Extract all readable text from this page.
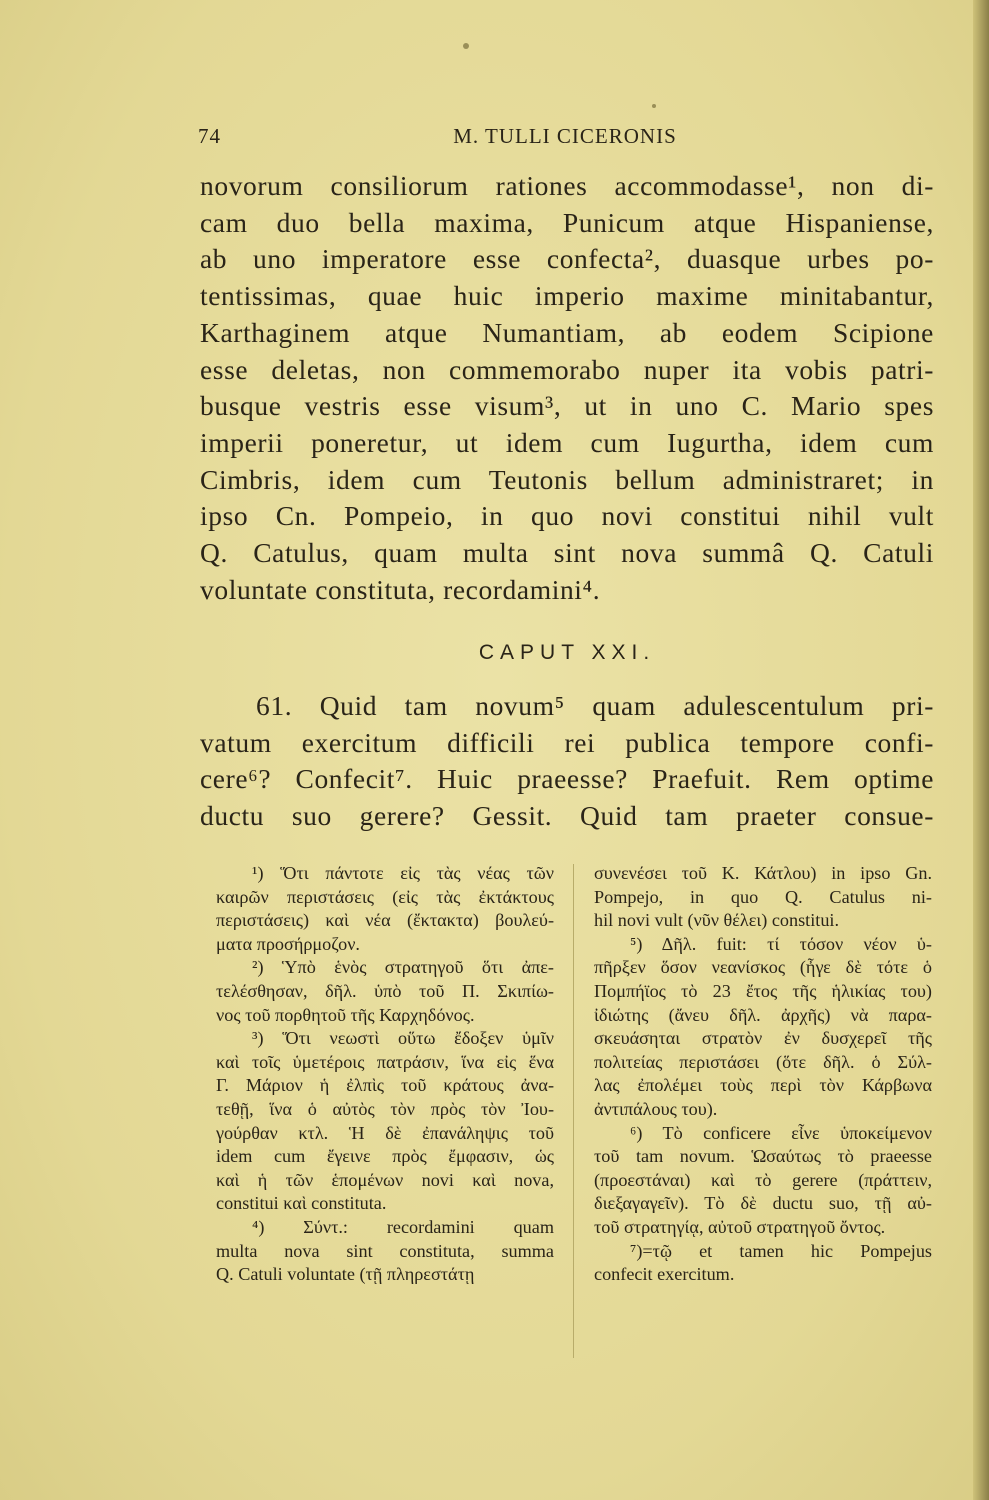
74	M. TULLI CICERONIS
novorum consiliorum rationes accommodasse¹, non di-
cam duo bella maxima, Punicum atque Hispaniense,
ab uno imperatore esse confecta², duasque urbes po-
tentissimas, quae huic imperio maxime minitabantur,
Karthaginem atque Numantiam, ab eodem Scipione
esse deletas, non commemorabo nuper ita vobis patri-
busque vestris esse visum³, ut in uno C. Mario spes
imperii poneretur, ut idem cum Iugurtha, idem cum
Cimbris, idem cum Teutonis bellum administraret; in
ipso Cn. Pompeio, in quo novi constitui nihil vult
Q. Catulus, quam multa sint nova summâ Q. Catuli
voluntate constituta, recordamini⁴.
CAPUT XXI.
61. Quid tam novum⁵ quam adulescentulum pri-
vatum exercitum difficili rei publica tempore confi-
cere⁶? Confecit⁷. Huic praeesse? Praefuit. Rem optime
ductu suo gerere? Gessit. Quid tam praeter consue-
¹) Ὅτι πάντοτε εἰς τὰς νέας τῶν
καιρῶν περιστάσεις (εἰς τὰς ἐκτάκτους
περιστάσεις) καὶ νέα (ἔκτακτα) βουλεύ-
ματα προσήρμοζον.
²) Ὑπὸ ἑνὸς στρατηγοῦ ὅτι ἀπε-
τελέσθησαν, δῆλ. ὑπὸ τοῦ Π. Σκιπίω-
νος τοῦ πορθητοῦ τῆς Καρχηδόνος.
³) Ὅτι νεωστὶ οὕτω ἔδοξεν ὑμῖν
καὶ τοῖς ὑμετέροις πατράσιν, ἵνα εἰς ἕνα
Γ. Μάριον ἡ ἐλπὶς τοῦ κράτους ἀνα-
τεθῇ, ἵνα ὁ αὐτὸς τὸν πρὸς τὸν Ἰου-
γούρθαν κτλ. Ἡ δὲ ἐπανάληψις τοῦ
idem cum ἔγεινε πρὸς ἔμφασιν, ὡς
καὶ ἡ τῶν ἑπομένων novi καὶ nova,
constitui καὶ constituta.
⁴) Σύντ.: recordamini quam
multa nova sint constituta, summa
Q. Catuli voluntate (τῇ πληρεστάτῃ
συνενέσει τοῦ Κ. Κάτλου) in ipso Gn.
Pompejo, in quo Q. Catulus ni-
hil novi vult (νῦν θέλει) constitui.
⁵) Δῆλ. fuit: τί τόσον νέον ὑ-
πῆρξεν ὅσον νεανίσκος (ἦγε δὲ τότε ὁ
Πομπήϊος τὸ 23 ἔτος τῆς ἡλικίας του)
ἰδιώτης (ἄνευ δῆλ. ἀρχῆς) νὰ παρα-
σκευάσηται στρατὸν ἐν δυσχερεῖ τῆς
πολιτείας περιστάσει (ὅτε δῆλ. ὁ Σύλ-
λας ἐπολέμει τοὺς περὶ τὸν Κάρβωνα
ἀντιπάλους του).
⁶) Τὸ conficere εἶνε ὑποκείμενον
τοῦ tam novum. Ὡσαύτως τὸ praeesse
(προεστάναι) καὶ τὸ gerere (πράττειν,
διεξαγαγεῖν). Τὸ δὲ ductu suo, τῇ αὐ-
τοῦ στρατηγίᾳ, αὐτοῦ στρατηγοῦ ὄντος.
⁷)=τῷ et tamen hic Pompejus
confecit exercitum.
